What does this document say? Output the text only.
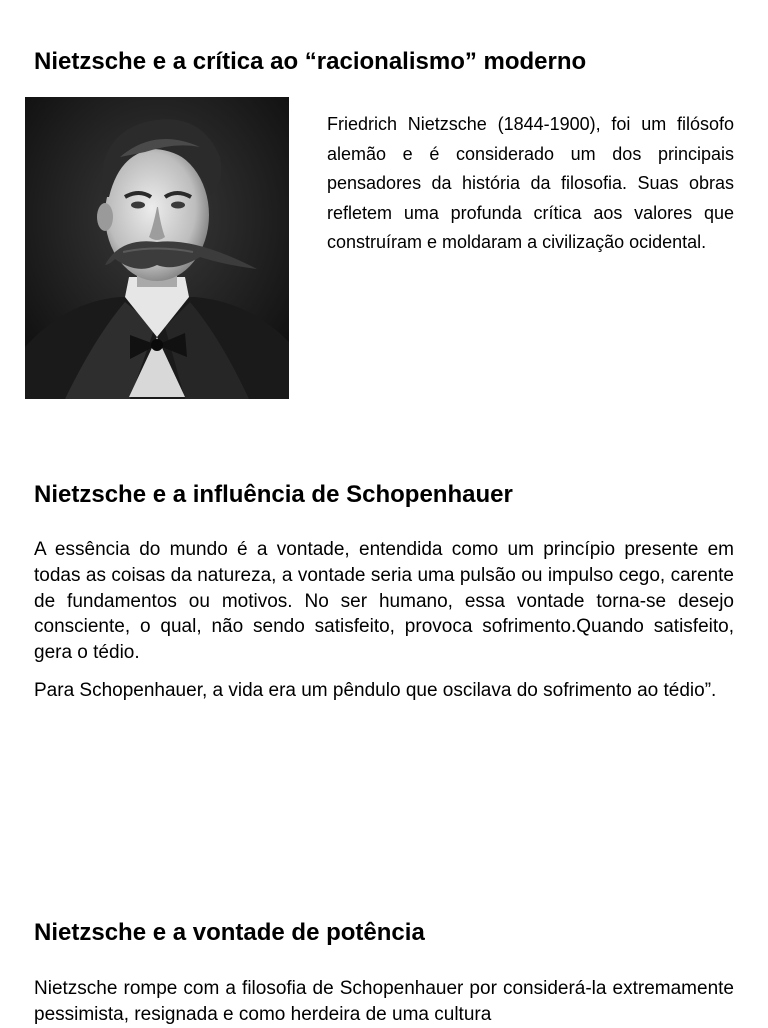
Nietzsche e a crítica ao “racionalismo” moderno

Friedrich Nietzsche (1844-1900), foi um filósofo alemão e é considerado um dos principais pensadores da história da filosofia. Suas obras refletem uma profunda crítica aos valores que construíram e moldaram a civilização ocidental.

Nietzsche e a influência de Schopenhauer

A essência do mundo é a vontade, entendida como um princípio presente em todas as coisas da natureza, a vontade seria uma pulsão ou impulso cego, carente de fundamentos ou motivos. No ser humano, essa vontade torna-se desejo consciente, o qual, não sendo satisfeito, provoca sofrimento.Quando satisfeito, gera o tédio.

Para Schopenhauer, a vida era um pêndulo que oscilava do sofrimento ao tédio”.

Nietzsche e a vontade de potência

Nietzsche rompe com a filosofia de Schopenhauer por considerá-la extremamente pessimista, resignada e como herdeira de uma cultura
